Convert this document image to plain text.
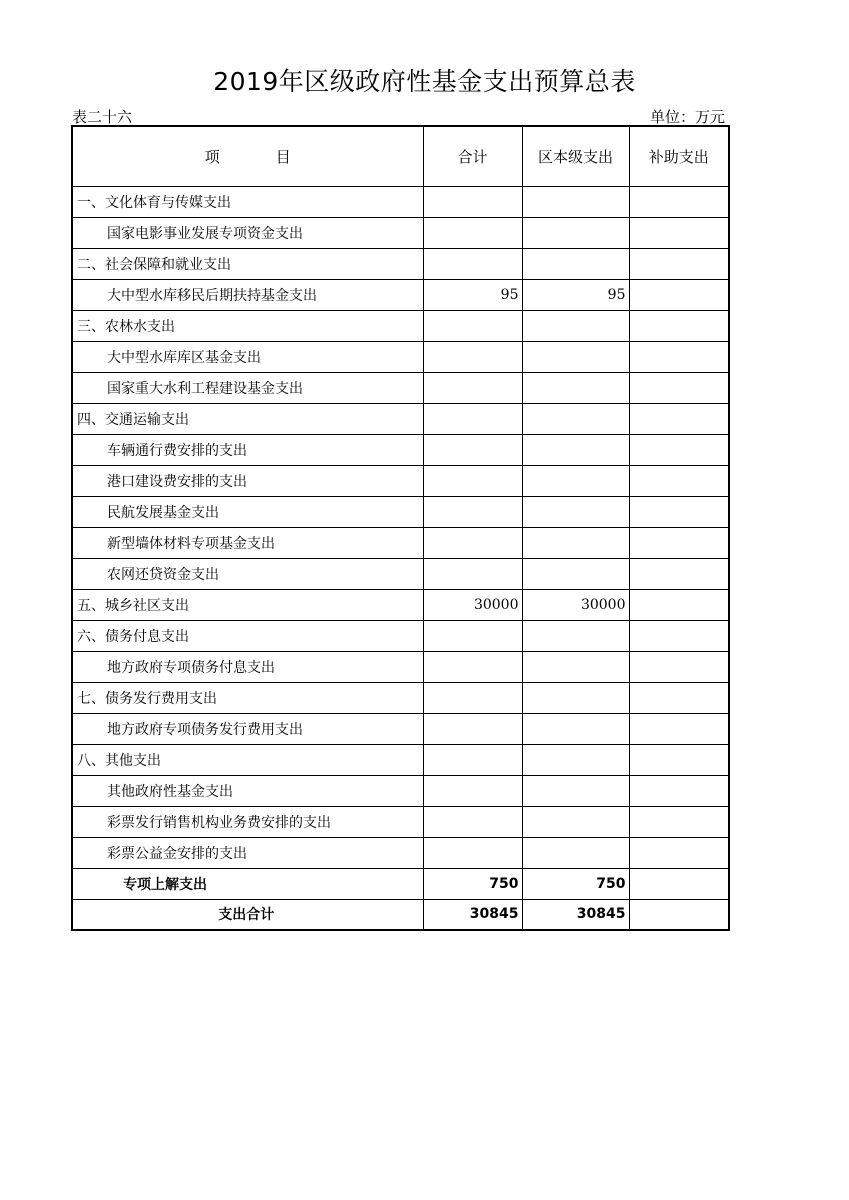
2019年区级政府性基金支出预算总表
表二十六	单位：万元
项 目	合计	区本级支出	补助支出
一、文化体育与传媒支出			
国家电影事业发展专项资金支出			
二、社会保障和就业支出			
大中型水库移民后期扶持基金支出	95	95	
三、农林水支出			
大中型水库库区基金支出			
国家重大水利工程建设基金支出			
四、交通运输支出			
车辆通行费安排的支出			
港口建设费安排的支出			
民航发展基金支出			
新型墙体材料专项基金支出			
农网还贷资金支出			
五、城乡社区支出	30000	30000	
六、债务付息支出			
地方政府专项债务付息支出			
七、债务发行费用支出			
地方政府专项债务发行费用支出			
八、其他支出			
其他政府性基金支出			
彩票发行销售机构业务费安排的支出			
彩票公益金安排的支出			
专项上解支出	750	750	
支出合计	30845	30845	
